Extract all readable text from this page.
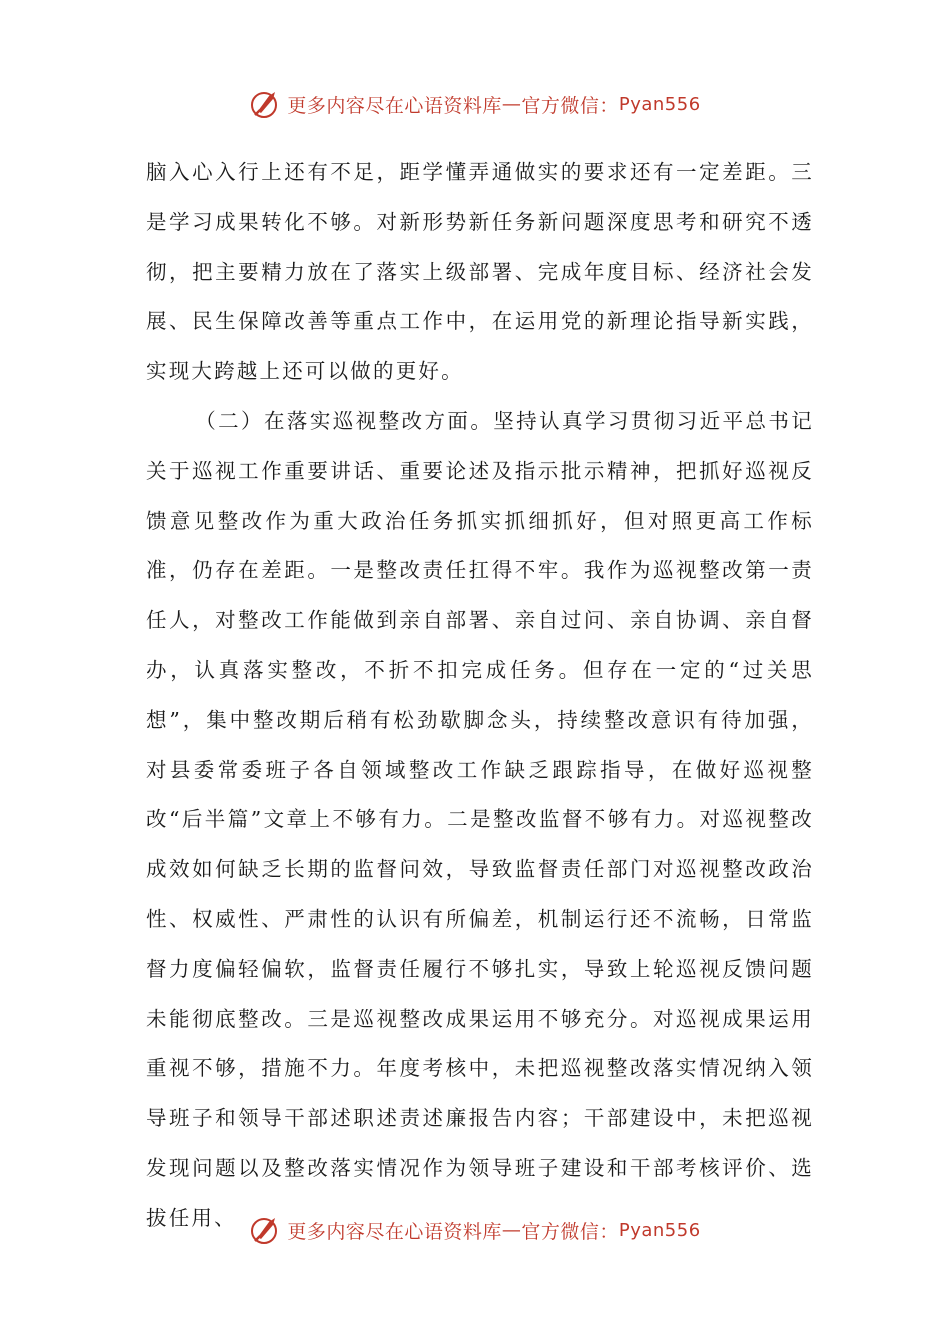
更多内容尽在心语资料库 — 官方微信： Pyan556

脑入心入行上还有不足，距学懂弄通做实的要求还有一定差距。三是学习成果转化不够。对新形势新任务新问题深度思考和研究不透彻，把主要精力放在了落实上级部署、完成年度目标、经济社会发展、民生保障改善等重点工作中，在运用党的新理论指导新实践，实现大跨越上还可以做的更好。

（二）在落实巡视整改方面。坚持认真学习贯彻习近平总书记关于巡视工作重要讲话、重要论述及指示批示精神，把抓好巡视反馈意见整改作为重大政治任务抓实抓细抓好，但对照更高工作标准，仍存在差距。一是整改责任扛得不牢。我作为巡视整改第一责任人，对整改工作能做到亲自部署、亲自过问、亲自协调、亲自督办，认真落实整改，不折不扣完成任务。但存在一定的“过关思想”，集中整改期后稍有松劲歇脚念头，持续整改意识有待加强，对县委常委班子各自领域整改工作缺乏跟踪指导，在做好巡视整改“后半篇”文章上不够有力。二是整改监督不够有力。对巡视整改成效如何缺乏长期的监督问效，导致监督责任部门对巡视整改政治性、权威性、严肃性的认识有所偏差，机制运行还不流畅，日常监督力度偏轻偏软，监督责任履行不够扎实，导致上轮巡视反馈问题未能彻底整改。三是巡视整改成果运用不够充分。对巡视成果运用重视不够，措施不力。年度考核中，未把巡视整改落实情况纳入领导班子和领导干部述职述责述廉报告内容；干部建设中，未把巡视发现问题以及整改落实情况作为领导班子建设和干部考核评价、选拔任用、

更多内容尽在心语资料库 — 官方微信： Pyan556
